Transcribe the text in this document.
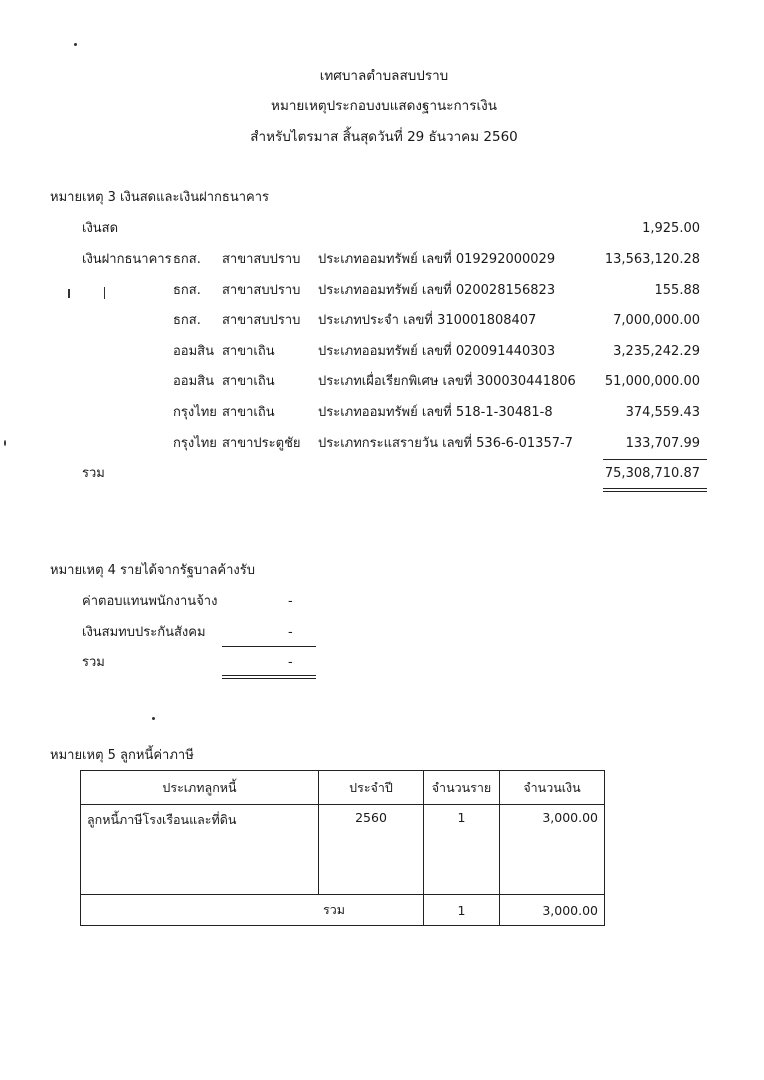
เทศบาลตำบลสบปราบ
หมายเหตุประกอบงบแสดงฐานะการเงิน
สำหรับไตรมาส สิ้นสุดวันที่ 29 ธันวาคม 2560
หมายเหตุ 3 เงินสดและเงินฝากธนาคาร
เงินสด	1,925.00
เงินฝากธนาคาร ธกส. สาขาสบปราบ ประเภทออมทรัพย์ เลขที่ 019292000029	13,563,120.28
ธกส. สาขาสบปราบ ประเภทออมทรัพย์ เลขที่ 020028156823	155.88
ธกส. สาขาสบปราบ ประเภทประจำ เลขที่ 310001808407	7,000,000.00
ออมสิน สาขาเถิน	ประเภทออมทรัพย์ เลขที่ 020091440303	3,235,242.29
ออมสิน สาขาเถิน	ประเภทเผื่อเรียกพิเศษ เลขที่ 300030441806	51,000,000.00
กรุงไทย สาขาเถิน	ประเภทออมทรัพย์ เลขที่ 518-1-30481-8	374,559.43
กรุงไทย สาขาประตูชัย ประเภทกระแสรายวัน เลขที่ 536-6-01357-7	133,707.99
รวม	75,308,710.87
หมายเหตุ 4 รายได้จากรัฐบาลค้างรับ
ค่าตอบแทนพนักงานจ้าง	-
เงินสมทบประกันสังคม	-
รวม	-
หมายเหตุ 5 ลูกหนี้ค่าภาษี
ประเภทลูกหนี้	ประจำปี	จำนวนราย	จำนวนเงิน
ลูกหนี้ภาษีโรงเรือนและที่ดิน	2560	1	3,000.00
รวม		1	3,000.00
